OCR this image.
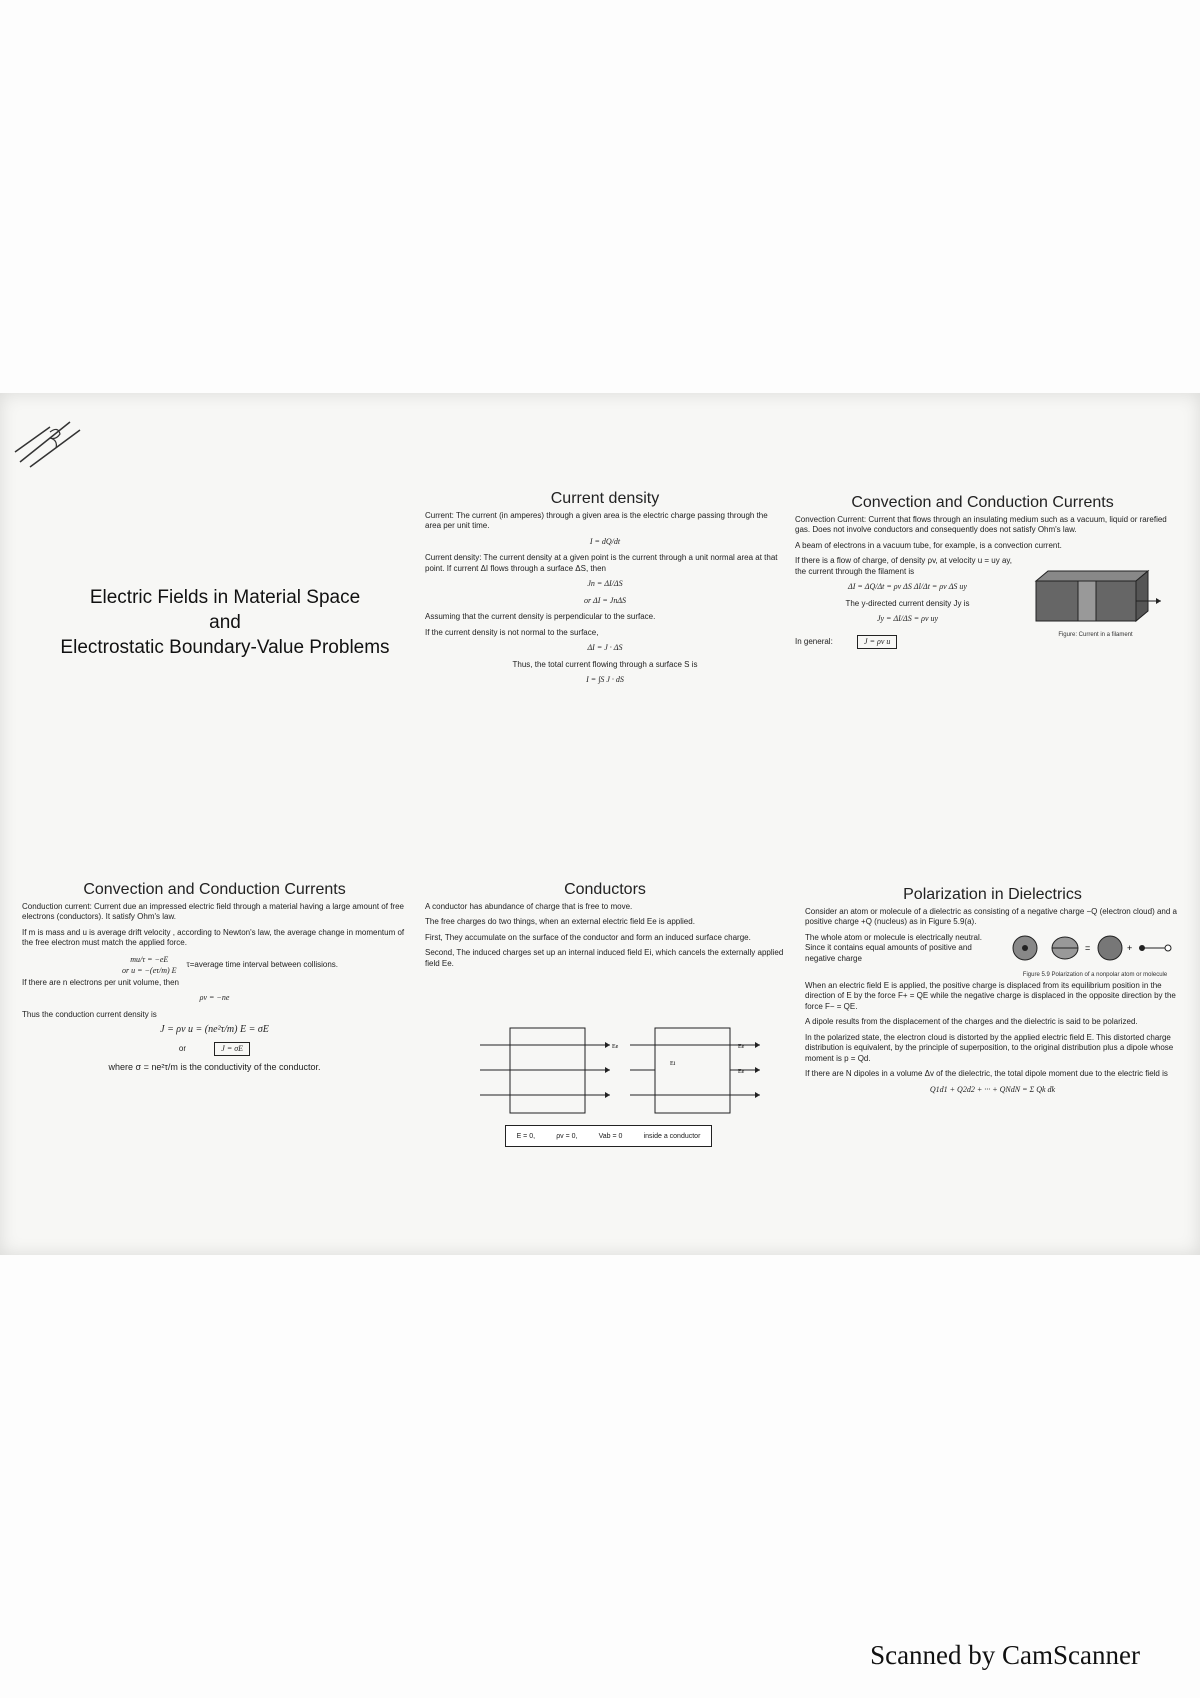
Electric Fields in Material Space
and
Electrostatic Boundary-Value Problems
Current density

Current: The current (in amperes) through a given area is the electric charge passing through the area per unit time.

I = dQ/dt

Current density: The current density at a given point is the current through a unit normal area at that point. If current ΔI flows through a surface ΔS, then

Jn = ΔI/ΔS
or ΔI = JnΔS

Assuming that the current density is perpendicular to the surface.

If the current density is not normal to the surface,

ΔI = J · ΔS

Thus, the total current flowing through a surface S is

I = ∫S J · dS
Convection and Conduction Currents

Convection Current: Current that flows through an insulating medium such as a vacuum, liquid or rarefied gas. Does not involve conductors and consequently does not satisfy Ohm's law.

A beam of electrons in a vacuum tube, for example, is a convection current.

If there is a flow of charge, of density ρv, at velocity u = uy ay, the current through the filament is

ΔI = ΔQ/Δt = ρv ΔS Δl/Δt = ρv ΔS uy

The y-directed current density Jy is

Jy = ΔI/ΔS = ρv uy
In general:	J = ρv u
Figure: Current in a filament
Convection and Conduction Currents

Conduction current: Current due an impressed electric field through a material having a large amount of free electrons (conductors). It satisfy Ohm's law.

If m is mass and u is average drift velocity , according to Newton's law, the average change in momentum of the free electron must match the applied force.

mu/τ = −eE
or u = −(eτ/m) E
τ=average time interval between collisions.

If there are n electrons per unit volume, then

ρv = −ne

Thus the conduction current density is

J = ρv u = (ne²τ/m) E = σE
or	J = σE

where σ = ne²τ/m is the conductivity of the conductor.

Conductors

A conductor has abundance of charge that is free to move.

The free charges do two things, when an external electric field Ee is applied.

First, They accumulate on the surface of the conductor and form an induced surface charge.

Second, The induced charges set up an internal induced field Ei, which cancels the externally applied field Ee.

Ee
Ei
Ee
Ee
E = 0,	ρv = 0,	Vab = 0	inside a conductor
Polarization in Dielectrics

Consider an atom or molecule of a dielectric as consisting of a negative charge −Q (electron cloud) and a positive charge +Q (nucleus) as in Figure 5.9(a).

The whole atom or molecule is electrically neutral. Since it contains equal amounts of positive and negative charge

=	+
Figure 5.9 Polarization of a nonpolar atom or molecule

When an electric field E is applied, the positive charge is displaced from its equilibrium position in the direction of E by the force F+ = QE while the negative charge is displaced in the opposite direction by the force F− = QE.

A dipole results from the displacement of the charges and the dielectric is said to be polarized.

In the polarized state, the electron cloud is distorted by the applied electric field E. This distorted charge distribution is equivalent, by the principle of superposition, to the original distribution plus a dipole whose moment is p = Qd.

If there are N dipoles in a volume Δv of the dielectric, the total dipole moment due to the electric field is

Q1d1 + Q2d2 + ··· + QNdN = Σ Qk dk
Scanned by CamScanner
